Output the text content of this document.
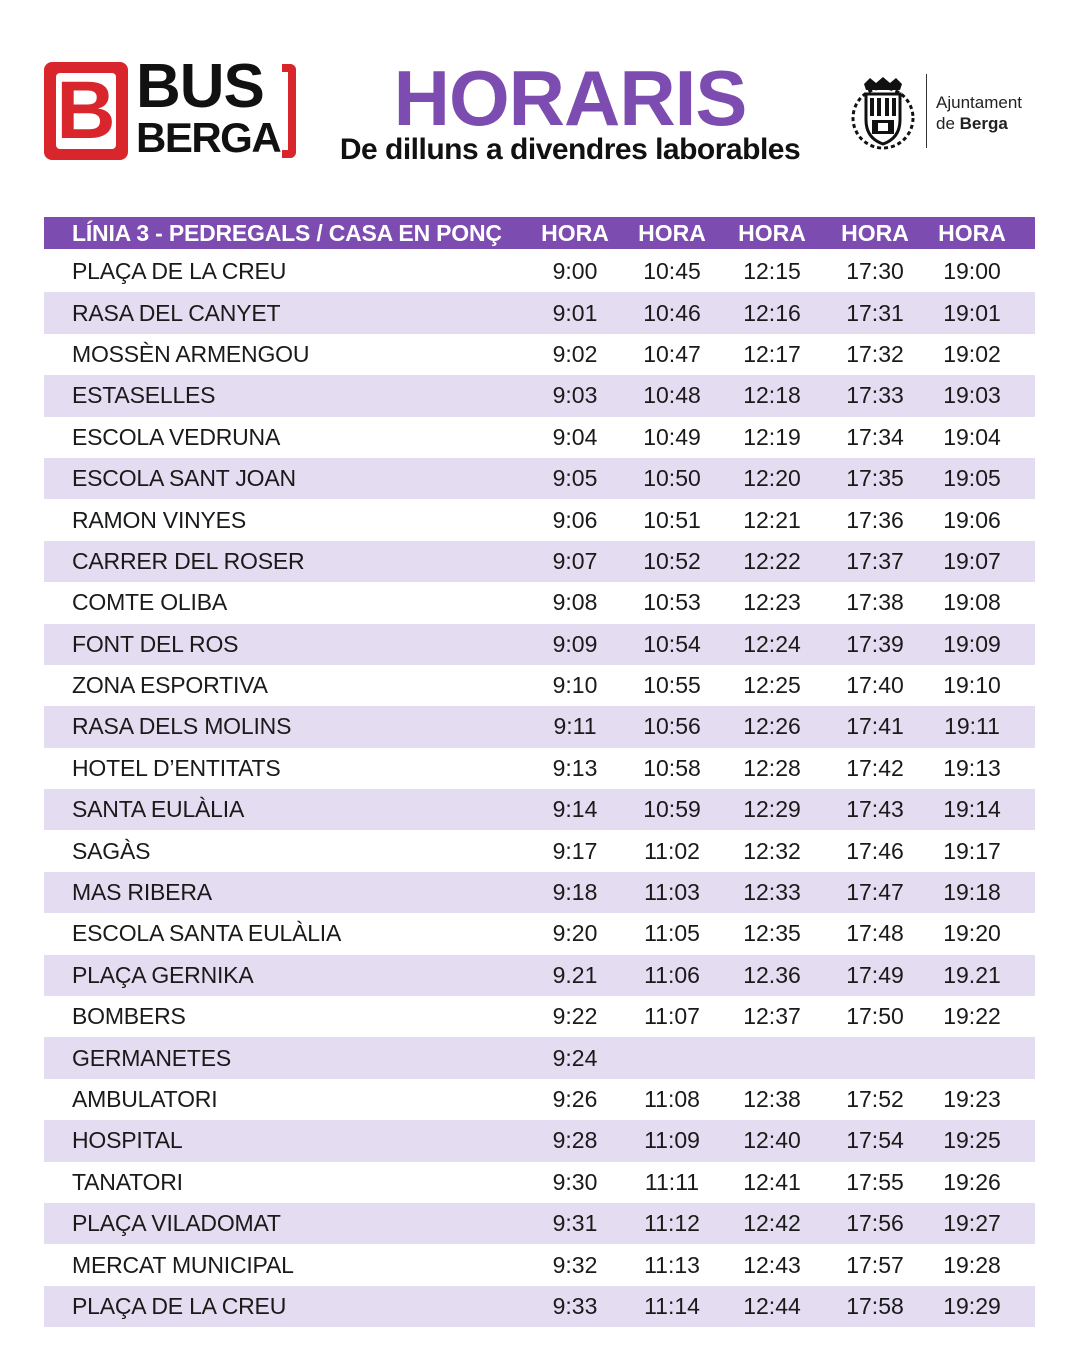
B BUS
BERGA	HORARIS
De dilluns a divendres laborables
Ajuntament
de Berga
LÍNIA 3 - PEDREGALS / CASA EN PONÇ	HORA	HORA	HORA	HORA	HORA
PLAÇA DE LA CREU	9:00	10:45	12:15	17:30	19:00
RASA DEL CANYET	9:01	10:46	12:16	17:31	19:01
MOSSÈN ARMENGOU	9:02	10:47	12:17	17:32	19:02
ESTASELLES	9:03	10:48	12:18	17:33	19:03
ESCOLA VEDRUNA	9:04	10:49	12:19	17:34	19:04
ESCOLA SANT JOAN	9:05	10:50	12:20	17:35	19:05
RAMON VINYES	9:06	10:51	12:21	17:36	19:06
CARRER DEL ROSER	9:07	10:52	12:22	17:37	19:07
COMTE OLIBA	9:08	10:53	12:23	17:38	19:08
FONT DEL ROS	9:09	10:54	12:24	17:39	19:09
ZONA ESPORTIVA	9:10	10:55	12:25	17:40	19:10
RASA DELS MOLINS	9:11	10:56	12:26	17:41	19:11
HOTEL D’ENTITATS	9:13	10:58	12:28	17:42	19:13
SANTA EULÀLIA	9:14	10:59	12:29	17:43	19:14
SAGÀS	9:17	11:02	12:32	17:46	19:17
MAS RIBERA	9:18	11:03	12:33	17:47	19:18
ESCOLA SANTA EULÀLIA	9:20	11:05	12:35	17:48	19:20
PLAÇA GERNIKA	9.21	11:06	12.36	17:49	19.21
BOMBERS	9:22	11:07	12:37	17:50	19:22
GERMANETES	9:24
AMBULATORI	9:26	11:08	12:38	17:52	19:23
HOSPITAL	9:28	11:09	12:40	17:54	19:25
TANATORI	9:30	11:11	12:41	17:55	19:26
PLAÇA VILADOMAT	9:31	11:12	12:42	17:56	19:27
MERCAT MUNICIPAL	9:32	11:13	12:43	17:57	19:28
PLAÇA DE LA CREU	9:33	11:14	12:44	17:58	19:29
